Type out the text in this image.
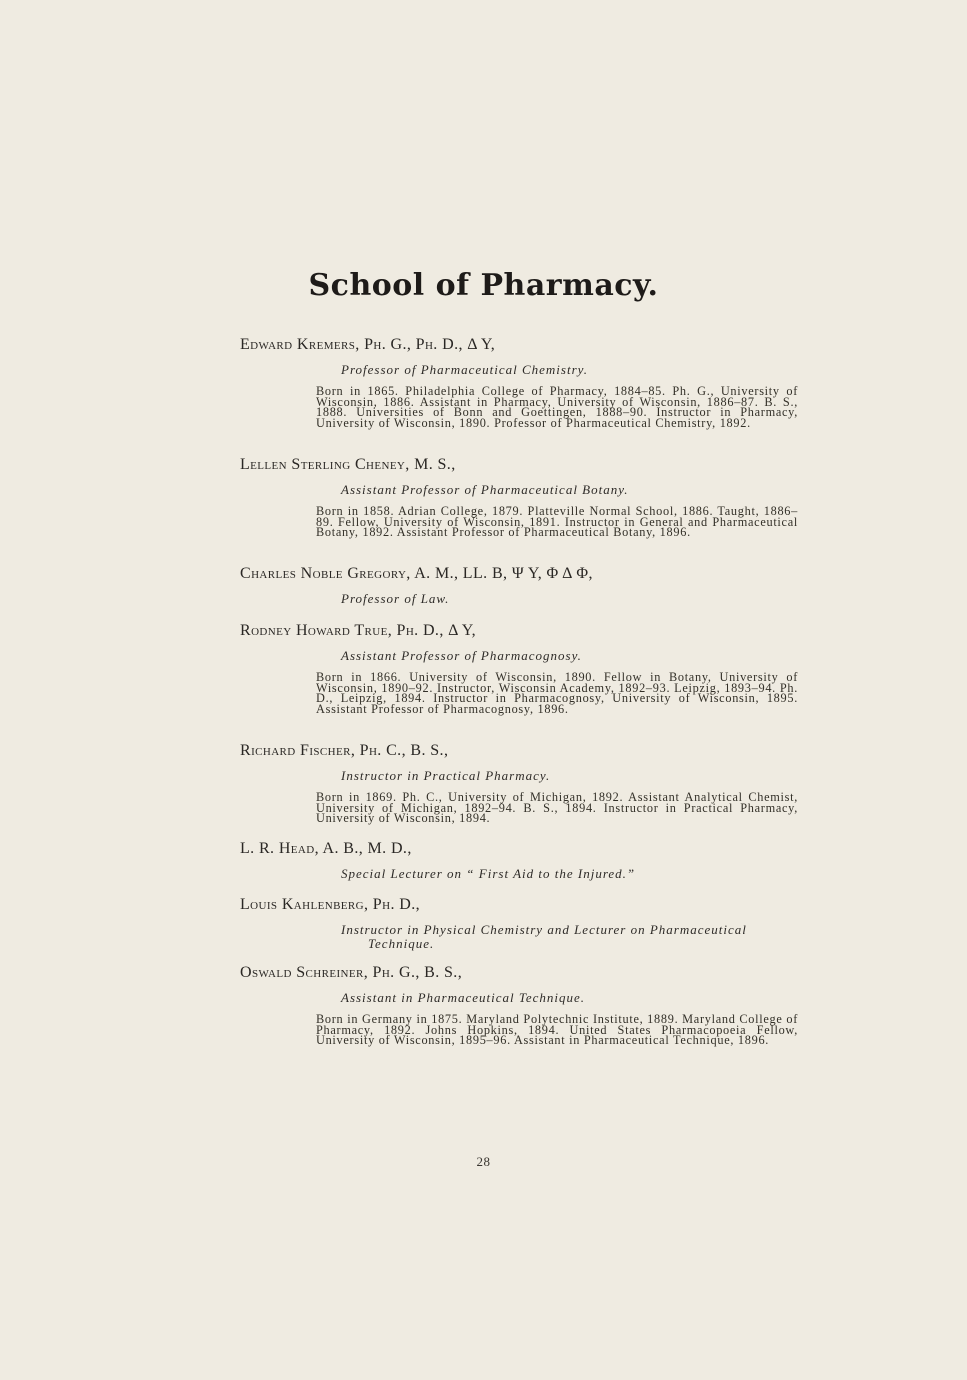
School of Pharmacy.
Edward Kremers, Ph. G., Ph. D., Δ Υ,
Professor of Pharmaceutical Chemistry.
Born in 1865. Philadelphia College of Pharmacy, 1884–85. Ph. G., University of Wisconsin, 1886. Assistant in Pharmacy, University of Wisconsin, 1886–87. B. S., 1888. Universities of Bonn and Goettingen, 1888–90. Instructor in Pharmacy, University of Wisconsin, 1890. Professor of Pharmaceutical Chemistry, 1892.
Lellen Sterling Cheney, M. S.,
Assistant Professor of Pharmaceutical Botany.
Born in 1858. Adrian College, 1879. Platteville Normal School, 1886. Taught, 1886–89. Fellow, University of Wisconsin, 1891. Instructor in General and Pharmaceutical Botany, 1892. Assistant Professor of Pharmaceutical Botany, 1896.
Charles Noble Gregory, A. M., LL. B, Ψ Υ, Φ Δ Φ,
Professor of Law.
Rodney Howard True, Ph. D., Δ Υ,
Assistant Professor of Pharmacognosy.
Born in 1866. University of Wisconsin, 1890. Fellow in Botany, University of Wisconsin, 1890–92. Instructor, Wisconsin Academy, 1892–93. Leipzig, 1893–94. Ph. D., Leipzig, 1894. Instructor in Pharmacognosy, University of Wisconsin, 1895. Assistant Professor of Pharmacognosy, 1896.
Richard Fischer, Ph. C., B. S.,
Instructor in Practical Pharmacy.
Born in 1869. Ph. C., University of Michigan, 1892. Assistant Analytical Chemist, University of Michigan, 1892–94. B. S., 1894. Instructor in Practical Pharmacy, University of Wisconsin, 1894.
L. R. Head, A. B., M. D.,
Special Lecturer on “ First Aid to the Injured.”
Louis Kahlenberg, Ph. D.,
Instructor in Physical Chemistry and Lecturer on Pharmaceutical
Technique.
Oswald Schreiner, Ph. G., B. S.,
Assistant in Pharmaceutical Technique.
Born in Germany in 1875. Maryland Polytechnic Institute, 1889. Maryland College of Pharmacy, 1892. Johns Hopkins, 1894. United States Pharmacopoeia Fellow, University of Wisconsin, 1895–96. Assistant in Pharmaceutical Technique, 1896.
28
